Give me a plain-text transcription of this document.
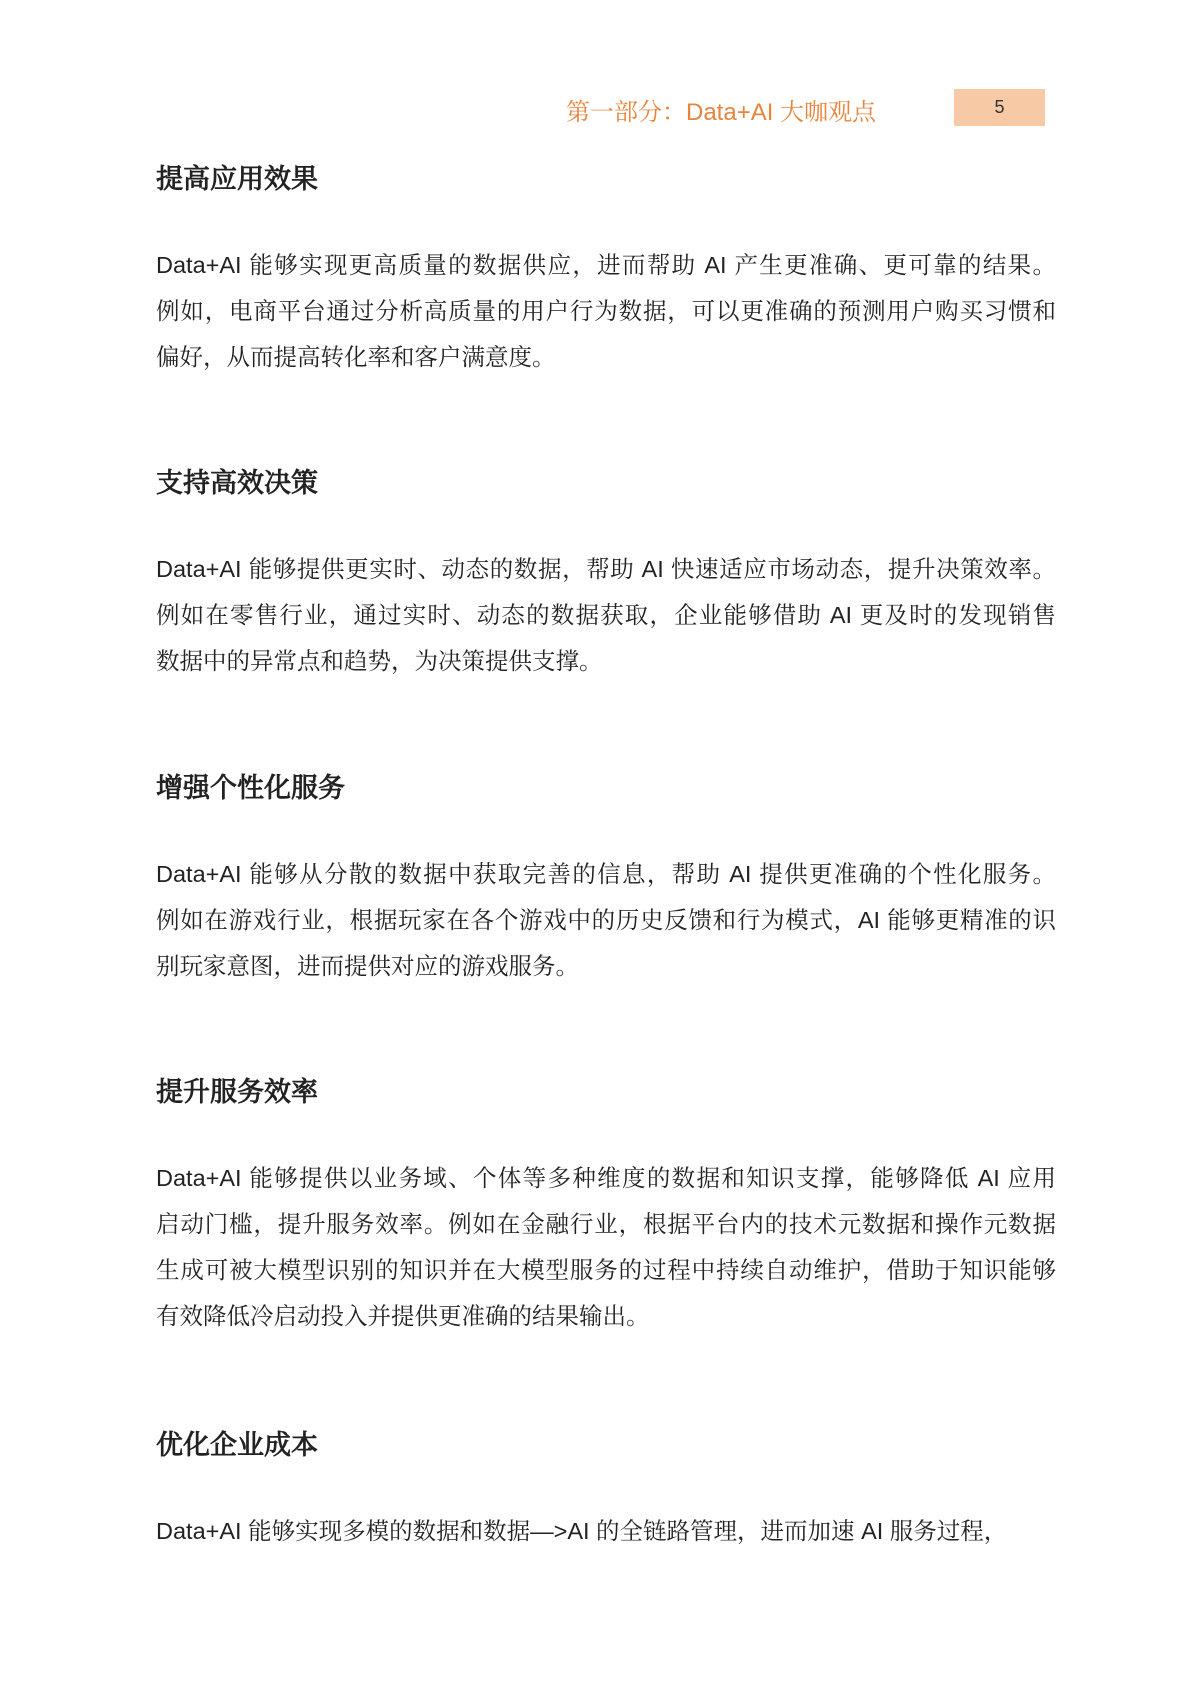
第一部分：Data+AI 大咖观点	5
提高应用效果
Data+AI 能够实现更高质量的数据供应，进而帮助 AI 产生更准确、更可靠的结果。
例如，电商平台通过分析高质量的用户行为数据，可以更准确的预测用户购买习惯和
偏好，从而提高转化率和客户满意度。
支持高效决策
Data+AI 能够提供更实时、动态的数据，帮助 AI 快速适应市场动态，提升决策效率。
例如在零售行业，通过实时、动态的数据获取，企业能够借助 AI 更及时的发现销售
数据中的异常点和趋势，为决策提供支撑。
增强个性化服务
Data+AI 能够从分散的数据中获取完善的信息，帮助 AI 提供更准确的个性化服务。
例如在游戏行业，根据玩家在各个游戏中的历史反馈和行为模式，AI 能够更精准的识
别玩家意图，进而提供对应的游戏服务。
提升服务效率
Data+AI 能够提供以业务域、个体等多种维度的数据和知识支撑，能够降低 AI 应用
启动门槛，提升服务效率。例如在金融行业，根据平台内的技术元数据和操作元数据
生成可被大模型识别的知识并在大模型服务的过程中持续自动维护，借助于知识能够
有效降低冷启动投入并提供更准确的结果输出。
优化企业成本
Data+AI 能够实现多模的数据和数据—>AI 的全链路管理，进而加速 AI 服务过程，
